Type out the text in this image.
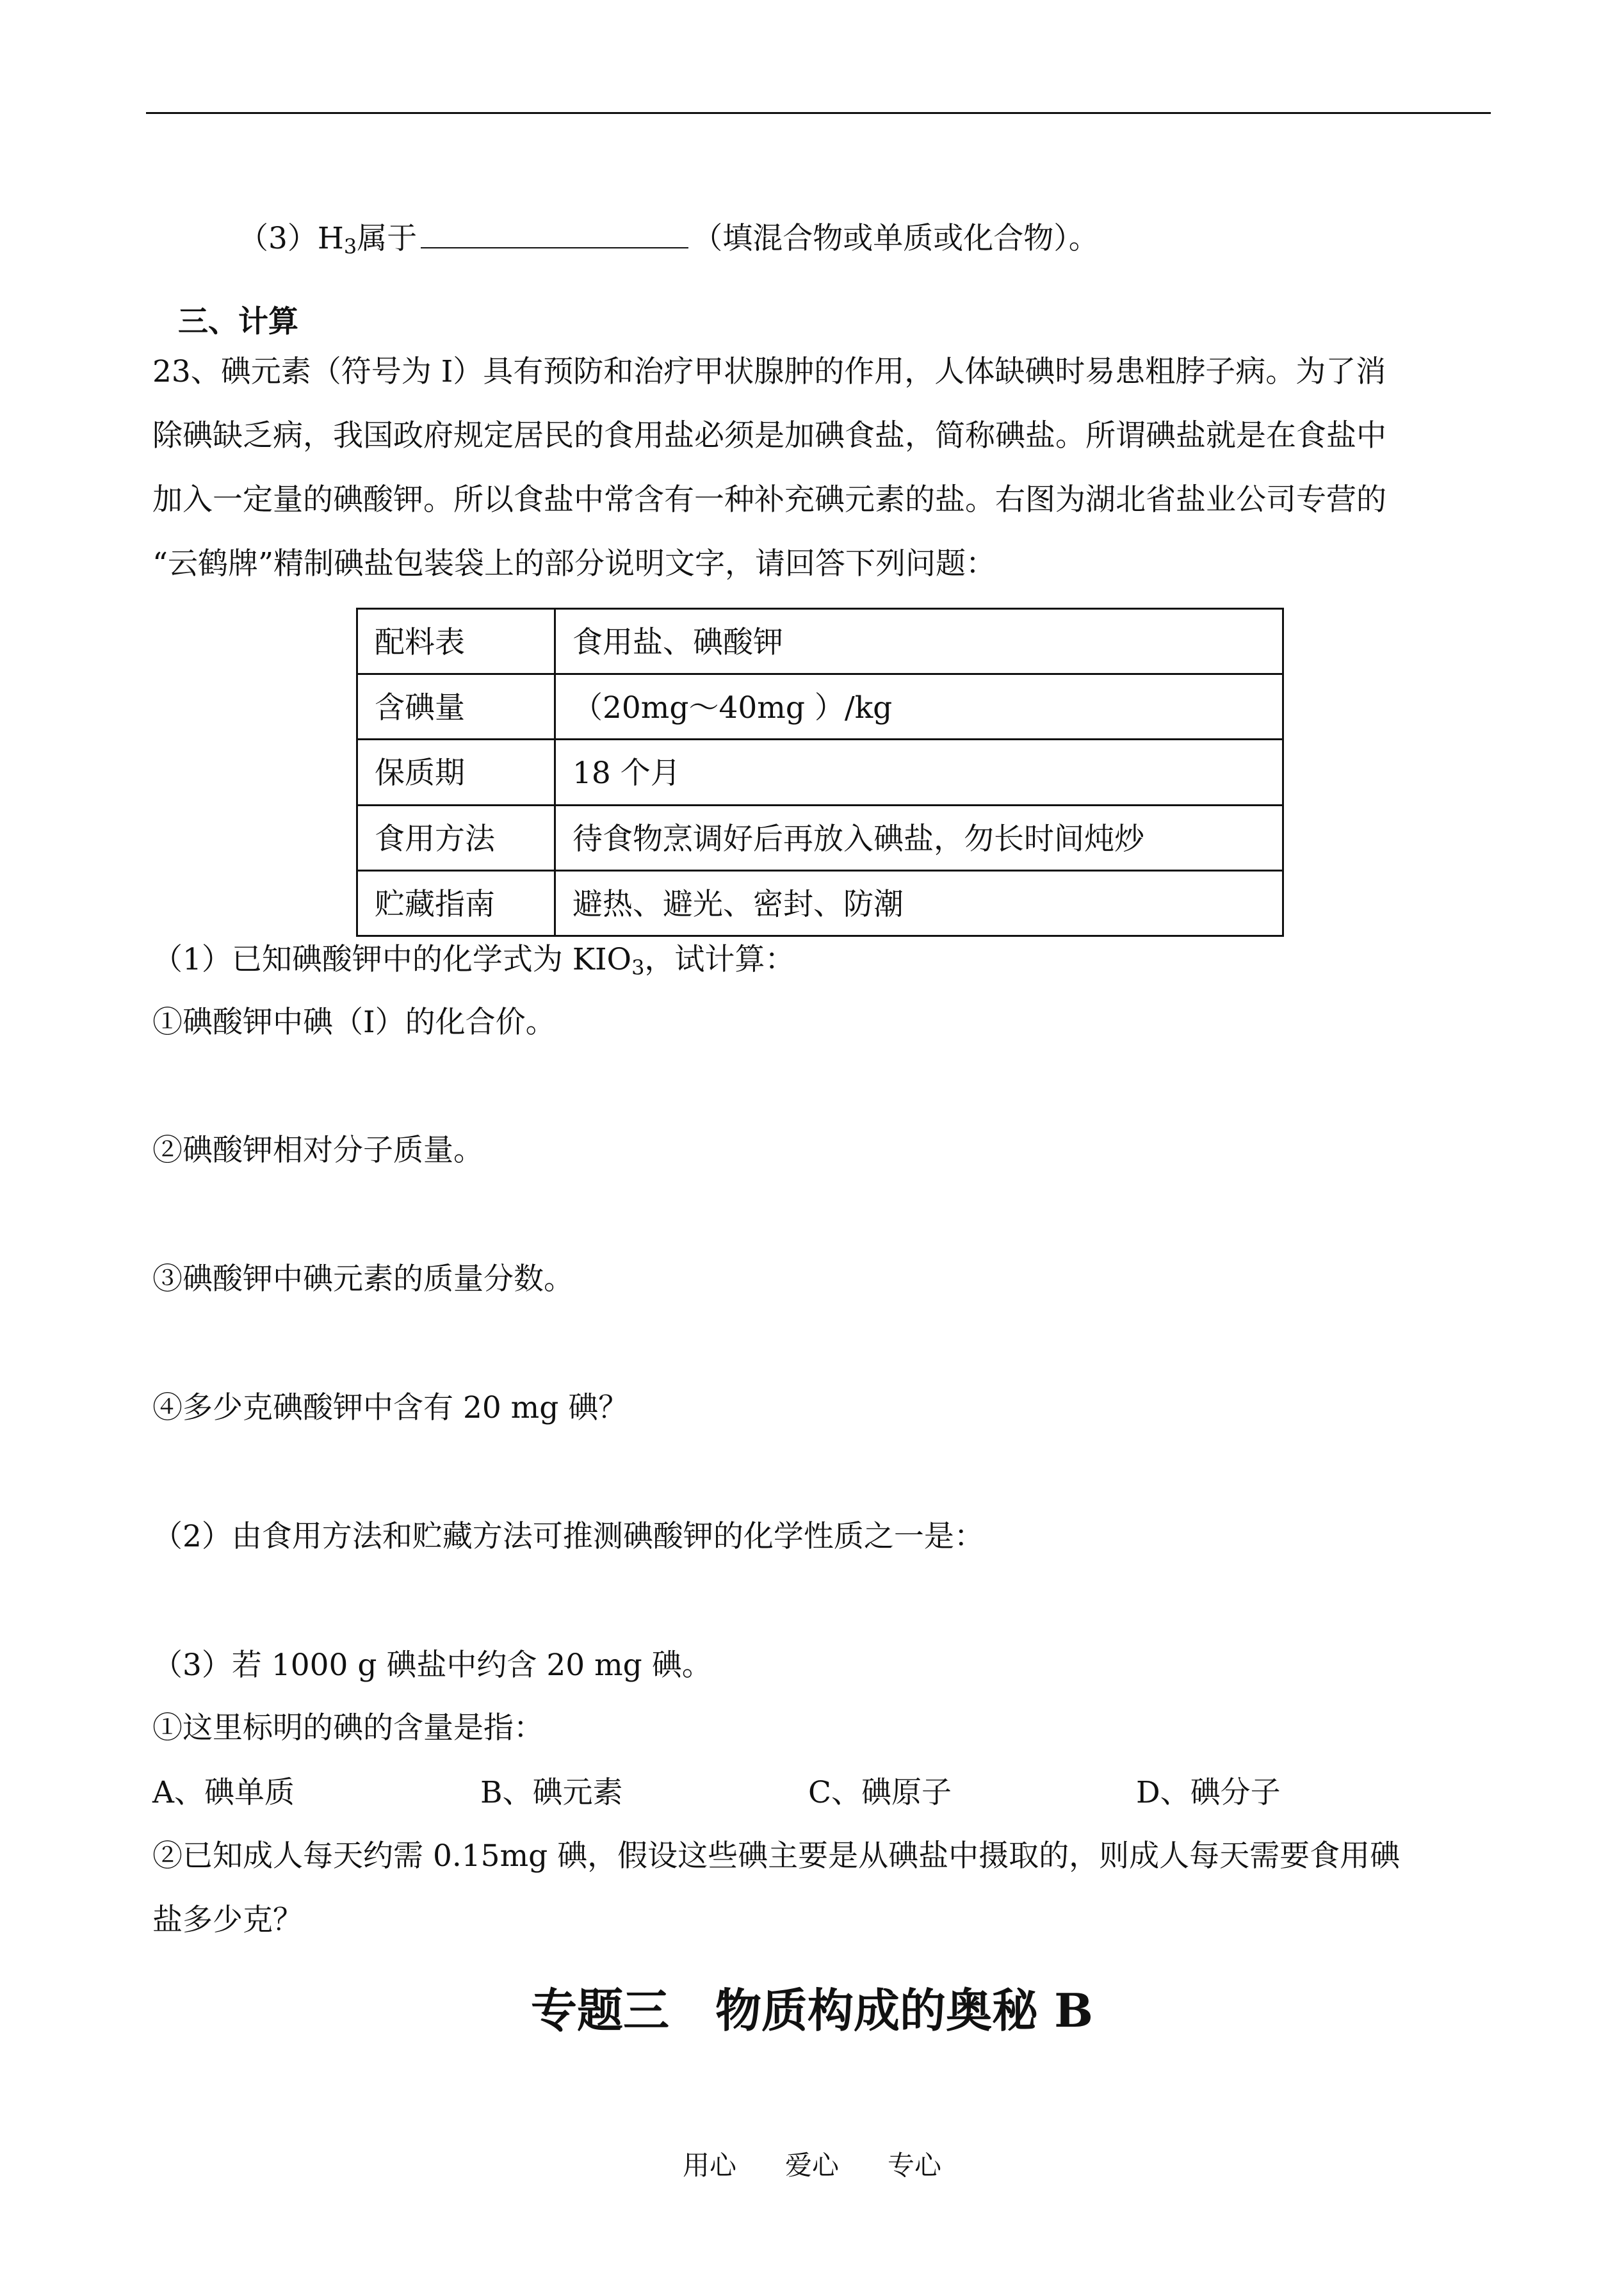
$(3)H_3$属于	（填混合物或单质或化合物）。
三、计算
23、碘元素（符号为 I）具有预防和治疗甲状腺肿的作用，人体缺碘时易患粗脖子病。为了消
除碘缺乏病，我国政府规定居民的食用盐必须是加碘食盐，简称碘盐。所谓碘盐就是在食盐中
加入一定量的碘酸钾。所以食盐中常含有一种补充碘元素的盐。右图为湖北省盐业公司专营的
“云鹤牌”精制碘盐包装袋上的部分说明文字，请回答下列问题：
配料表	食用盐、碘酸钾
含碘量	（20mg～40mg ）/kg
保质期	18 个月
食用方法	待食物烹调好后再放入碘盐，勿长时间炖炒
贮藏指南	避热、避光、密封、防潮
（1）已知碘酸钾中的化学式为 $KIO_3$，试计算：
①碘酸钾中碘（I）的化合价。
②碘酸钾相对分子质量。
③碘酸钾中碘元素的质量分数。
④多少克碘酸钾中含有 20 mg 碘？
（2）由食用方法和贮藏方法可推测碘酸钾的化学性质之一是：
（3）若 1000 g 碘盐中约含 20 mg 碘。
①这里标明的碘的含量是指：
A、碘单质	B、碘元素	C、碘原子	D、碘分子
②已知成人每天约需 0.15mg 碘，假设这些碘主要是从碘盐中摄取的，则成人每天需要食用碘
盐多少克？
专题三　物质构成的奥秘 B
用心 爱心 专心
